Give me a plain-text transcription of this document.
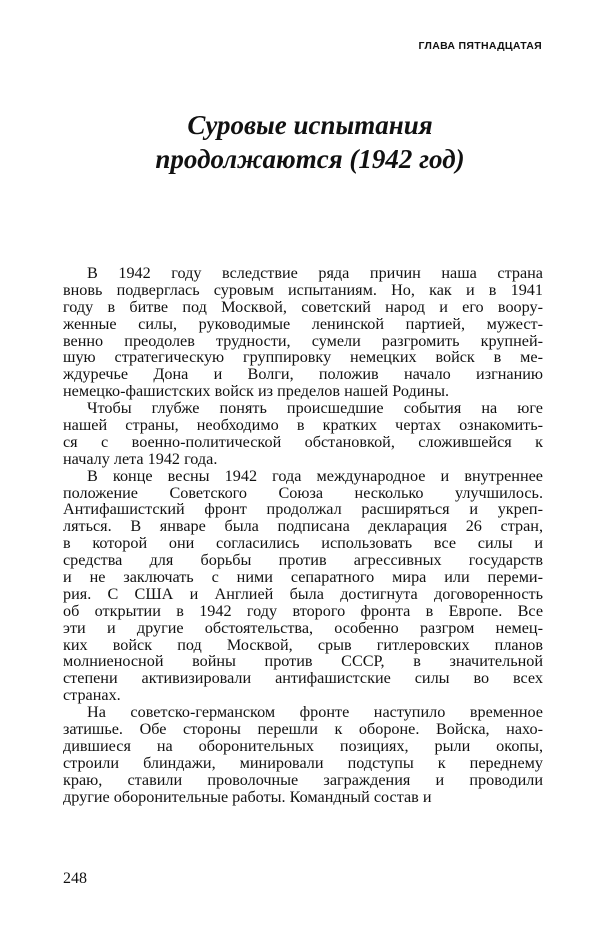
ГЛАВА ПЯТНАДЦАТАЯ
Суровые испытания
продолжаются (1942 год)
В 1942 году вследствие ряда причин наша страна
вновь подверглась суровым испытаниям. Но, как и в 1941
году в битве под Москвой, советский народ и его воору-
женные силы, руководимые ленинской партией, мужест-
венно преодолев трудности, сумели разгромить крупней-
шую стратегическую группировку немецких войск в ме-
ждуречье Дона и Волги, положив начало изгнанию
немецко-фашистских войск из пределов нашей Родины.
Чтобы глубже понять происшедшие события на юге
нашей страны, необходимо в кратких чертах ознакомить-
ся с военно-политической обстановкой, сложившейся к
началу лета 1942 года.
В конце весны 1942 года международное и внутреннее
положение Советского Союза несколько улучшилось.
Антифашистский фронт продолжал расширяться и укреп-
ляться. В январе была подписана декларация 26 стран,
в которой они согласились использовать все силы и
средства для борьбы против агрессивных государств
и не заключать с ними сепаратного мира или переми-
рия. С США и Англией была достигнута договоренность
об открытии в 1942 году второго фронта в Европе. Все
эти и другие обстоятельства, особенно разгром немец-
ких войск под Москвой, срыв гитлеровских планов
молниеносной войны против СССР, в значительной
степени активизировали антифашистские силы во всех
странах.
На советско-германском фронте наступило временное
затишье. Обе стороны перешли к обороне. Войска, нахо-
дившиеся на оборонительных позициях, рыли окопы,
строили блиндажи, минировали подступы к переднему
краю, ставили проволочные заграждения и проводили
другие оборонительные работы. Командный состав и
248
